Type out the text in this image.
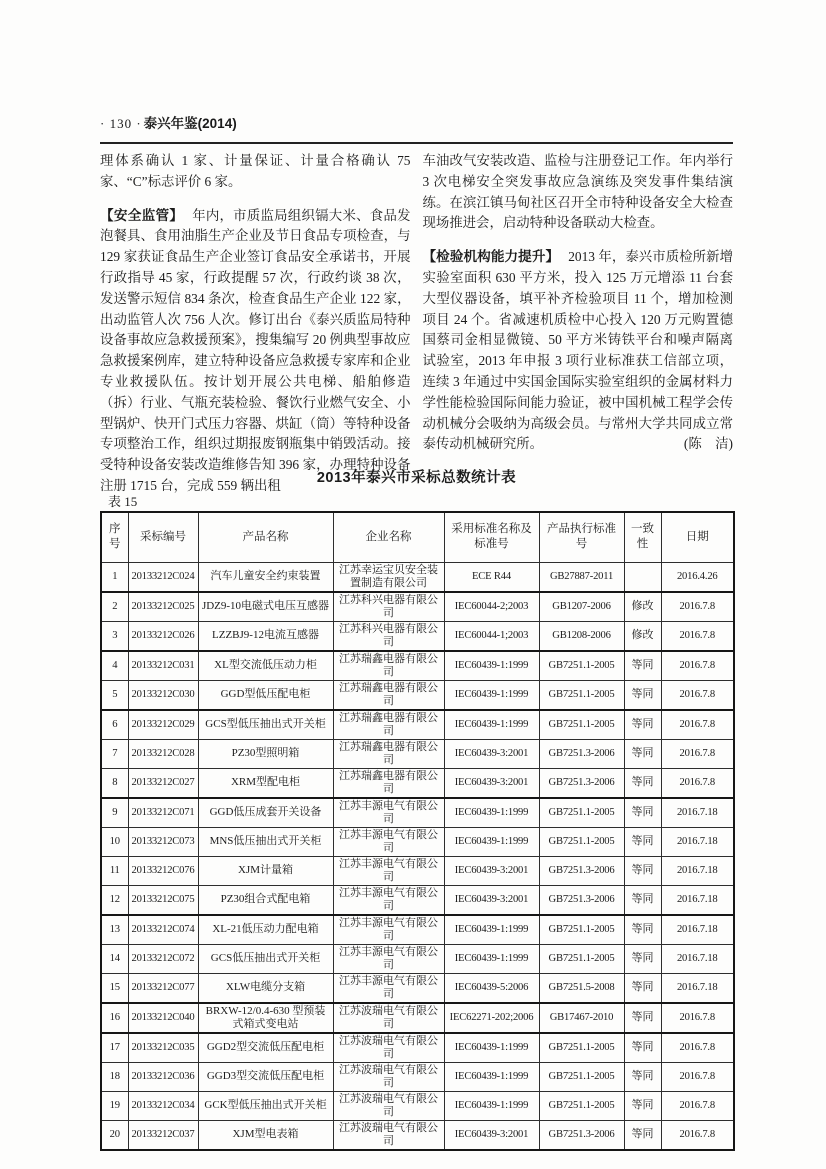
· 130 · 泰兴年鉴(2014)

理体系确认 1 家、计量保证、计量合格确认 75 家、“C”标志评价 6 家。

【安全监管】 年内，市质监局组织镉大米、食品发泡餐具、食用油脂生产企业及节日食品专项检查，与 129 家获证食品生产企业签订食品安全承诺书，开展行政指导 45 家，行政提醒 57 次，行政约谈 38 次，发送警示短信 834 条次，检查食品生产企业 122 家，出动监管人次 756 人次。修订出台《泰兴质监局特种设备事故应急救援预案》，搜集编写 20 例典型事故应急救援案例库，建立特种设备应急救援专家库和企业专业救援队伍。按计划开展公共电梯、船舶修造（拆）行业、气瓶充装检验、餐饮行业燃气安全、小型锅炉、快开门式压力容器、烘缸（筒）等特种设备专项整治工作，组织过期报废钢瓶集中销毁活动。接受特种设备安装改造维修告知 396 家，办理特种设备注册 1715 台，完成 559 辆出租

车油改气安装改造、监检与注册登记工作。年内举行 3 次电梯安全突发事故应急演练及突发事件集结演练。在滨江镇马甸社区召开全市特种设备安全大检查现场推进会，启动特种设备联动大检查。

【检验机构能力提升】 2013 年，泰兴市质检所新增实验室面积 630 平方米，投入 125 万元增添 11 台套大型仪器设备，填平补齐检验项目 11 个，增加检测项目 24 个。省减速机质检中心投入 120 万元购置德国蔡司金相显微镜、50 平方米铸铁平台和噪声隔离试验室，2013 年申报 3 项行业标准获工信部立项，连续 3 年通过中实国金国际实验室组织的金属材料力学性能检验国际间能力验证，被中国机械工程学会传动机械分会吸纳为高级会员。与常州大学共同成立常泰传动机械研究所。	(陈　洁)

2013年泰兴市采标总数统计表
表 15
序号	采标编号	产品名称	企业名称	采用标准名称及标准号	产品执行标准号	一致性	日期
1	20133212C024	汽车儿童安全约束装置	江苏幸运宝贝安全装置制造有限公司	ECE R44	GB27887-2011		2016.4.26
2	20133212C025	JDZ9-10电磁式电压互感器	江苏科兴电器有限公司	IEC60044-2;2003	GB1207-2006	修改	2016.7.8
3	20133212C026	LZZBJ9-12电流互感器	江苏科兴电器有限公司	IEC60044-1;2003	GB1208-2006	修改	2016.7.8
4	20133212C031	XL型交流低压动力柜	江苏瑞鑫电器有限公司	IEC60439-1:1999	GB7251.1-2005	等同	2016.7.8
5	20133212C030	GGD型低压配电柜	江苏瑞鑫电器有限公司	IEC60439-1:1999	GB7251.1-2005	等同	2016.7.8
6	20133212C029	GCS型低压抽出式开关柜	江苏瑞鑫电器有限公司	IEC60439-1:1999	GB7251.1-2005	等同	2016.7.8
7	20133212C028	PZ30型照明箱	江苏瑞鑫电器有限公司	IEC60439-3:2001	GB7251.3-2006	等同	2016.7.8
8	20133212C027	XRM型配电柜	江苏瑞鑫电器有限公司	IEC60439-3:2001	GB7251.3-2006	等同	2016.7.8
9	20133212C071	GGD低压成套开关设备	江苏丰源电气有限公司	IEC60439-1:1999	GB7251.1-2005	等同	2016.7.18
10	20133212C073	MNS低压抽出式开关柜	江苏丰源电气有限公司	IEC60439-1:1999	GB7251.1-2005	等同	2016.7.18
11	20133212C076	XJM计量箱	江苏丰源电气有限公司	IEC60439-3:2001	GB7251.3-2006	等同	2016.7.18
12	20133212C075	PZ30组合式配电箱	江苏丰源电气有限公司	IEC60439-3:2001	GB7251.3-2006	等同	2016.7.18
13	20133212C074	XL-21低压动力配电箱	江苏丰源电气有限公司	IEC60439-1:1999	GB7251.1-2005	等同	2016.7.18
14	20133212C072	GCS低压抽出式开关柜	江苏丰源电气有限公司	IEC60439-1:1999	GB7251.1-2005	等同	2016.7.18
15	20133212C077	XLW电缆分支箱	江苏丰源电气有限公司	IEC60439-5:2006	GB7251.5-2008	等同	2016.7.18
16	20133212C040	BRXW-12/0.4-630 型预装式箱式变电站	江苏波瑞电气有限公司	IEC62271-202;2006	GB17467-2010	等同	2016.7.8
17	20133212C035	GGD2型交流低压配电柜	江苏波瑞电气有限公司	IEC60439-1:1999	GB7251.1-2005	等同	2016.7.8
18	20133212C036	GGD3型交流低压配电柜	江苏波瑞电气有限公司	IEC60439-1:1999	GB7251.1-2005	等同	2016.7.8
19	20133212C034	GCK型低压抽出式开关柜	江苏波瑞电气有限公司	IEC60439-1:1999	GB7251.1-2005	等同	2016.7.8
20	20133212C037	XJM型电表箱	江苏波瑞电气有限公司	IEC60439-3:2001	GB7251.3-2006	等同	2016.7.8
